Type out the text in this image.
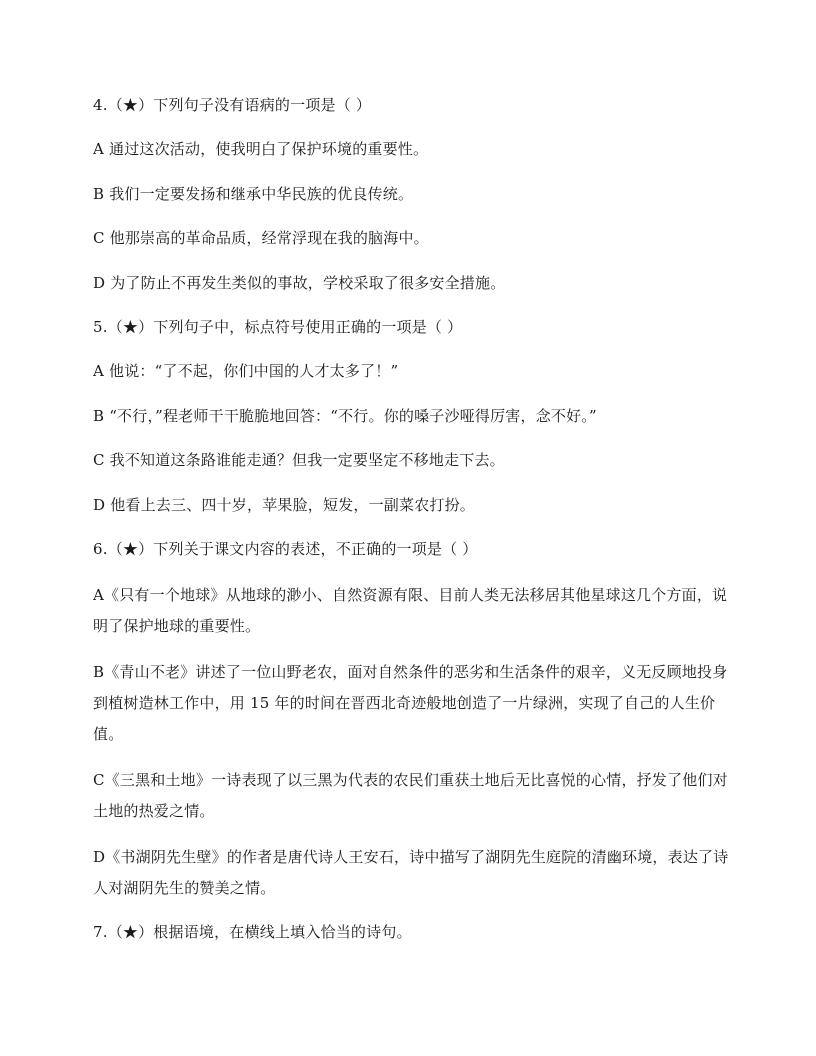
4.（★）下列句子没有语病的一项是（ ）

A 通过这次活动，使我明白了保护环境的重要性。

B 我们一定要发扬和继承中华民族的优良传统。

C 他那崇高的革命品质，经常浮现在我的脑海中。

D 为了防止不再发生类似的事故，学校采取了很多安全措施。

5.（★）下列句子中，标点符号使用正确的一项是（ ）

A 他说：“了不起，你们中国的人才太多了！”

B “不行，”程老师干干脆脆地回答：“不行。你的嗓子沙哑得厉害，念不好。”

C 我不知道这条路谁能走通？但我一定要坚定不移地走下去。

D 他看上去三、四十岁，苹果脸，短发，一副菜农打扮。

6.（★）下列关于课文内容的表述，不正确的一项是（ ）

A《只有一个地球》从地球的渺小、自然资源有限、目前人类无法移居其他星球这几个方面，说明了保护地球的重要性。

B《青山不老》讲述了一位山野老农，面对自然条件的恶劣和生活条件的艰辛，义无反顾地投身到植树造林工作中，用 15 年的时间在晋西北奇迹般地创造了一片绿洲，实现了自己的人生价值。

C《三黑和土地》一诗表现了以三黑为代表的农民们重获土地后无比喜悦的心情，抒发了他们对土地的热爱之情。

D《书湖阴先生壁》的作者是唐代诗人王安石，诗中描写了湖阴先生庭院的清幽环境，表达了诗人对湖阴先生的赞美之情。

7.（★）根据语境，在横线上填入恰当的诗句。
